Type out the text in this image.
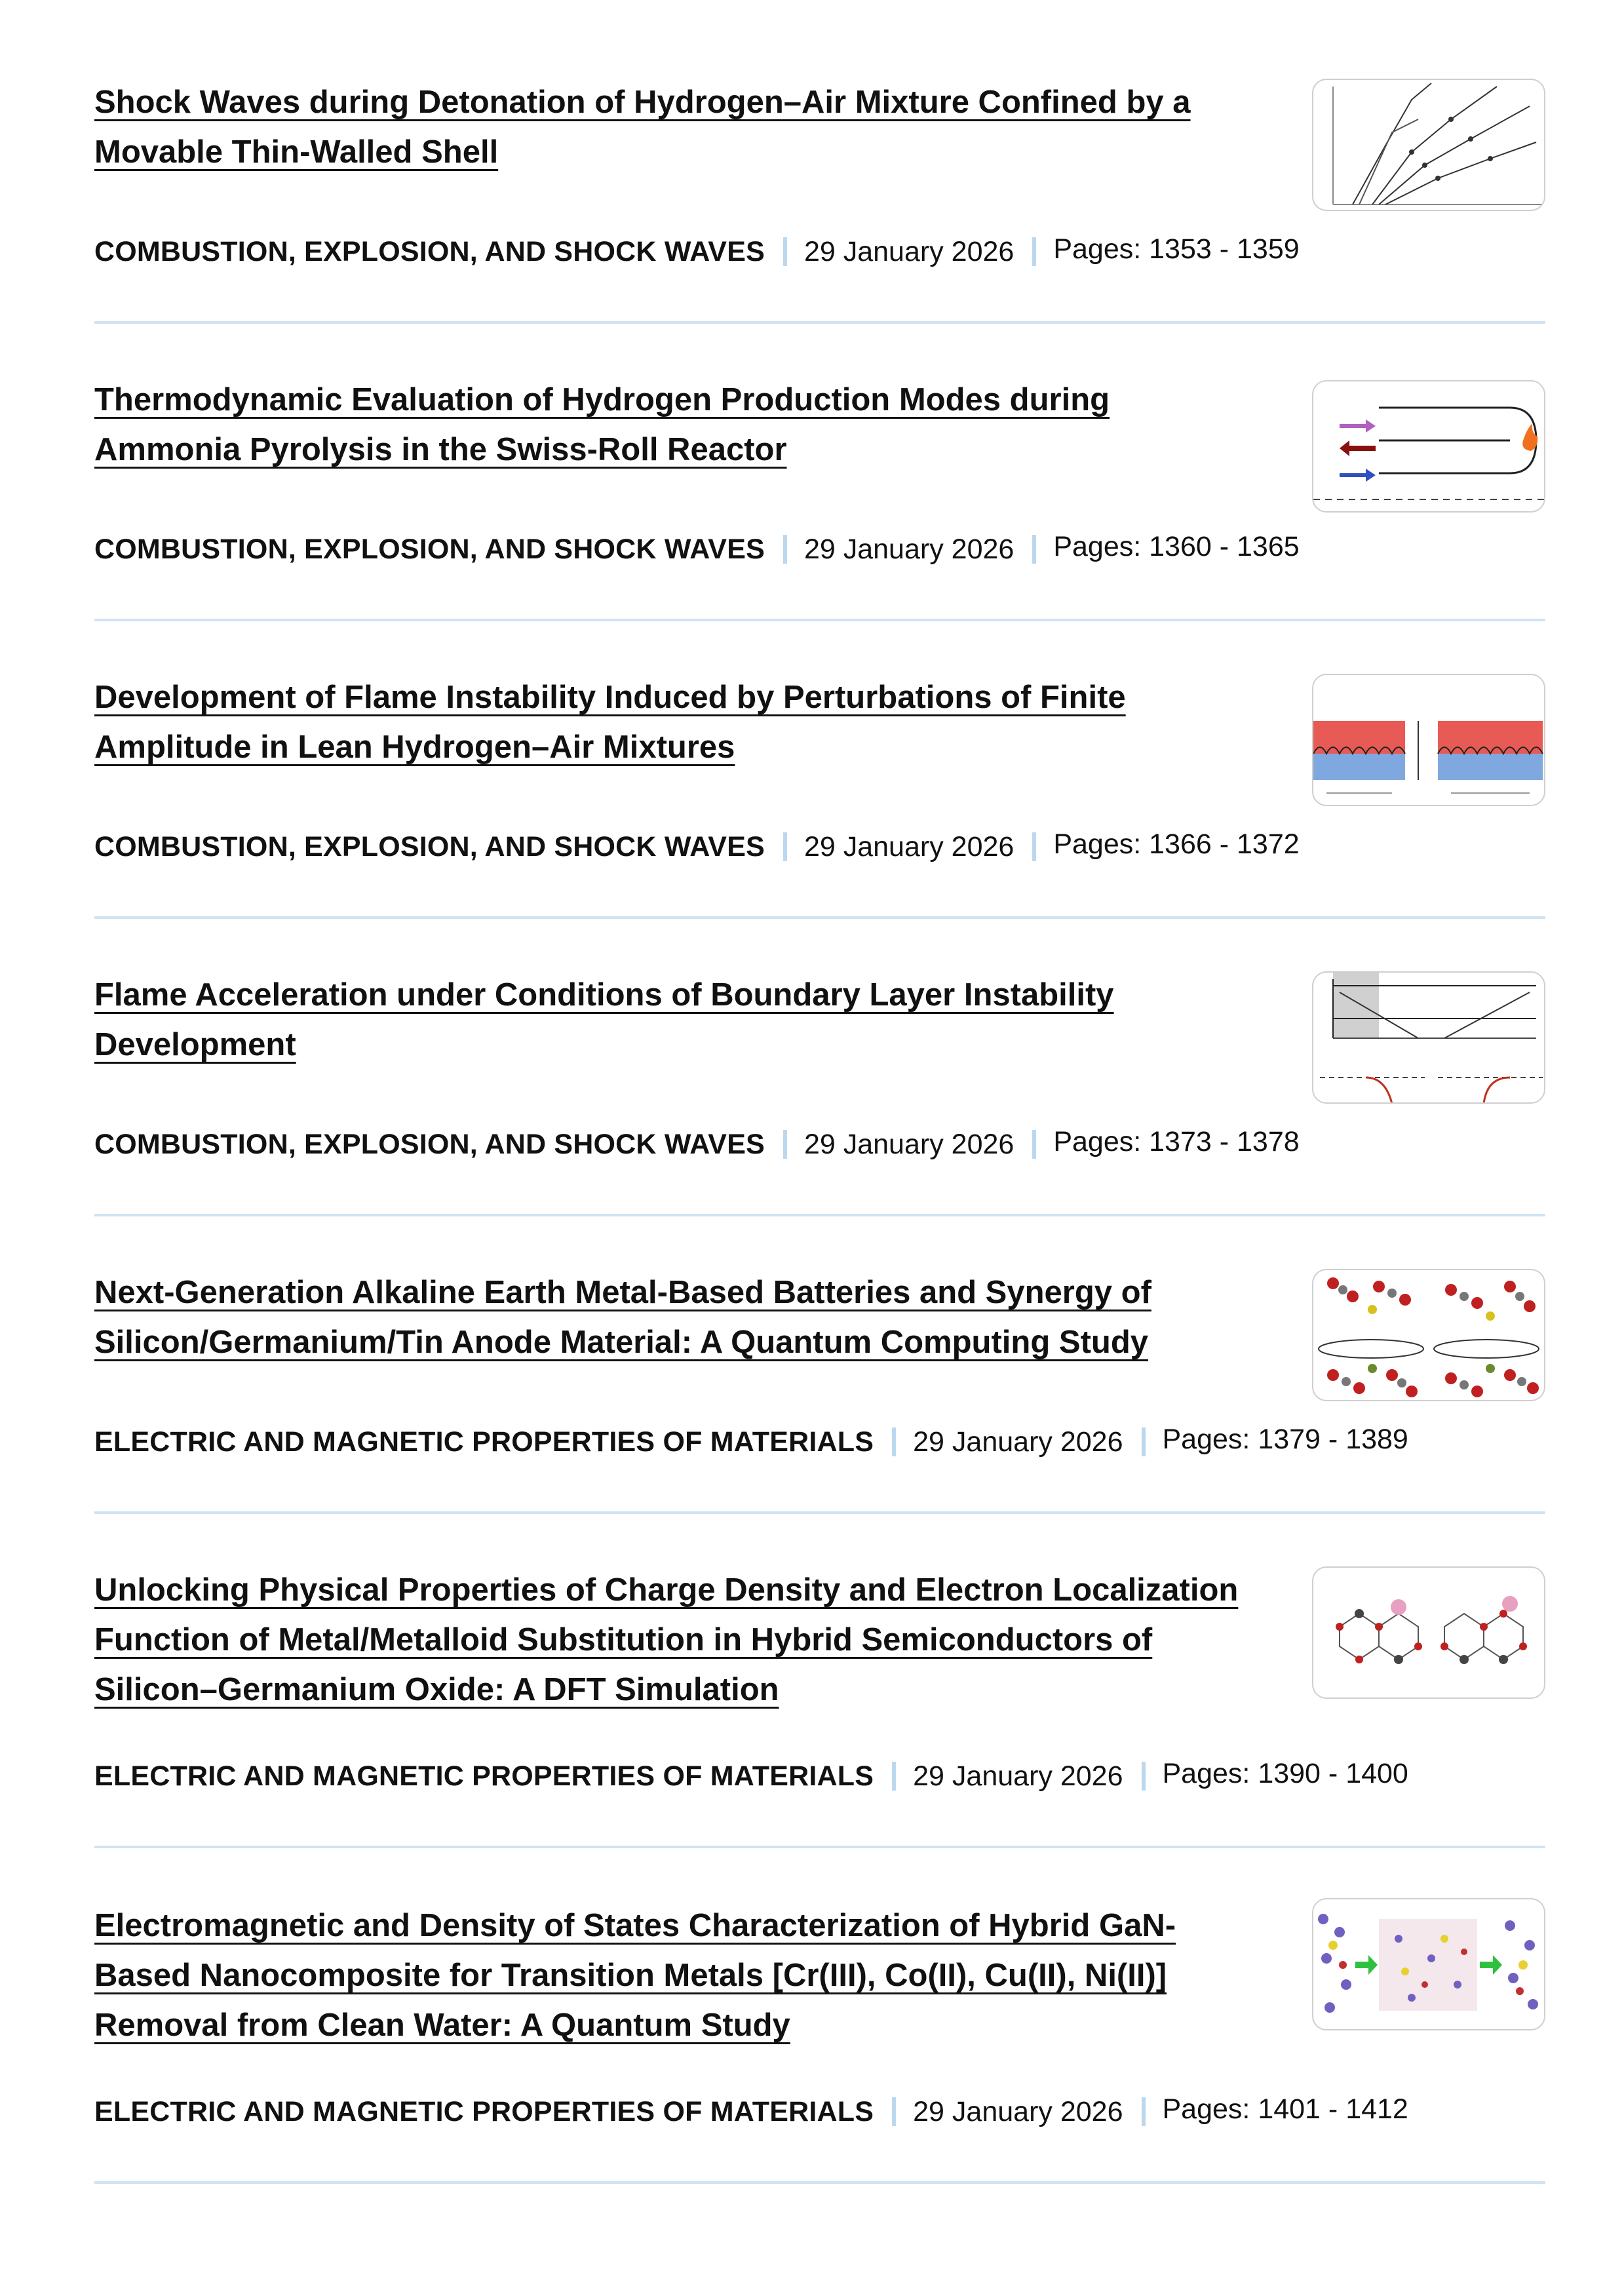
Shock Waves during Detonation of Hydrogen–Air Mixture Confined by a Movable Thin-Walled Shell
COMBUSTION, EXPLOSION, AND SHOCK WAVES 29 January 2026 Pages: 1353 - 1359
Thermodynamic Evaluation of Hydrogen Production Modes during Ammonia Pyrolysis in the Swiss-Roll Reactor
COMBUSTION, EXPLOSION, AND SHOCK WAVES 29 January 2026 Pages: 1360 - 1365
Development of Flame Instability Induced by Perturbations of Finite Amplitude in Lean Hydrogen–Air Mixtures
COMBUSTION, EXPLOSION, AND SHOCK WAVES 29 January 2026 Pages: 1366 - 1372
Flame Acceleration under Conditions of Boundary Layer Instability Development
COMBUSTION, EXPLOSION, AND SHOCK WAVES 29 January 2026 Pages: 1373 - 1378
Next-Generation Alkaline Earth Metal-Based Batteries and Synergy of Silicon/Germanium/Tin Anode Material: A Quantum Computing Study
ELECTRIC AND MAGNETIC PROPERTIES OF MATERIALS 29 January 2026 Pages: 1379 - 1389
Unlocking Physical Properties of Charge Density and Electron Localization Function of Metal/Metalloid Substitution in Hybrid Semiconductors of Silicon–Germanium Oxide: A DFT Simulation
ELECTRIC AND MAGNETIC PROPERTIES OF MATERIALS 29 January 2026 Pages: 1390 - 1400
Electromagnetic and Density of States Characterization of Hybrid GaN-Based Nanocomposite for Transition Metals [Cr(III), Co(II), Cu(II), Ni(II)] Removal from Clean Water: A Quantum Study
ELECTRIC AND MAGNETIC PROPERTIES OF MATERIALS 29 January 2026 Pages: 1401 - 1412
